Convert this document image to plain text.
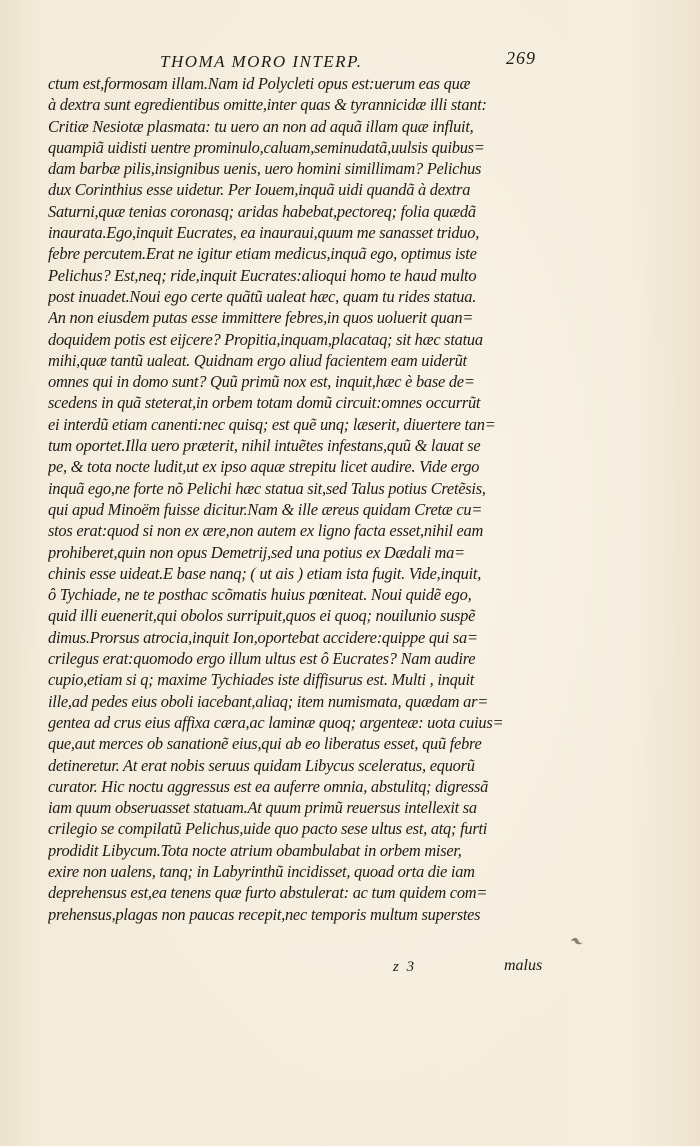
THOMA MORO INTERP.	269
ctum est,formosam illam.Nam id Polycleti opus est:uerum eas quæ
à dextra sunt egredientibus omitte,inter quas & tyrannicidæ illi stant:
Critiæ Nesiotæ plasmata: tu uero an non ad aquã illam quæ influit,
quampiã uidisti uentre prominulo,caluam,seminudatã,uulsis quibus=
dam barbæ pilis,insignibus uenis, uero homini simillimam? Pelichus
dux Corinthius esse uidetur. Per Iouem,inquã uidi quandã à dextra
Saturni,quæ tenias coronasq; aridas habebat,pectoreq; folia quædã
inaurata.Ego,inquit Eucrates, ea inauraui,quum me sanasset triduo,
febre percutem.Erat ne igitur etiam medicus,inquã ego, optimus iste
Pelichus? Est,neq; ride,inquit Eucrates:alioqui homo te haud multo
post inuadet.Noui ego certe quãtũ ualeat hæc, quam tu rides statua.
An non eiusdem putas esse immittere febres,in quos uoluerit quan=
doquidem potis est eijcere? Propitia,inquam,placataq; sit hæc statua
mihi,quæ tantũ ualeat. Quidnam ergo aliud facientem eam uiderũt
omnes qui in domo sunt? Quũ primũ nox est, inquit,hæc è base de=
scedens in quã steterat,in orbem totam domũ circuit:omnes occurrũt
ei interdũ etiam canenti:nec quisq; est quẽ unq; læserit, diuertere tan=
tum oportet.Illa uero præterit, nihil intuẽtes infestans,quũ & lauat se
pe, & tota nocte ludit,ut ex ipso aquæ strepitu licet audire. Vide ergo
inquã ego,ne forte nõ Pelichi hæc statua sit,sed Talus potius Cretẽsis,
qui apud Minoëm fuisse dicitur.Nam & ille æreus quidam Cretæ cu=
stos erat:quod si non ex ære,non autem ex ligno facta esset,nihil eam
prohiberet,quin non opus Demetrij,sed una potius ex Dædali ma=
chinis esse uideat.E base nanq; ( ut ais ) etiam ista fugit. Vide,inquit,
ô Tychiade, ne te posthac scõmatis huius pœniteat. Noui quidẽ ego,
quid illi euenerit,qui obolos surripuit,quos ei quoq; nouilunio suspẽ
dimus.Prorsus atrocia,inquit Ion,oportebat accidere:quippe qui sa=
crilegus erat:quomodo ergo illum ultus est ô Eucrates? Nam audire
cupio,etiam si q; maxime Tychiades iste diffisurus est. Multi , inquit
ille,ad pedes eius oboli iacebant,aliaq; item numismata, quædam ar=
gentea ad crus eius affixa cæra,ac laminæ quoq; argenteæ: uota cuius=
que,aut merces ob sanationẽ eius,qui ab eo liberatus esset, quũ febre
detineretur. At erat nobis seruus quidam Libycus sceleratus, equorũ
curator. Hic noctu aggressus est ea auferre omnia, abstulitq; digressã
iam quum obseruasset statuam.At quum primũ reuersus intellexit sa
crilegio se compilatũ Pelichus,uide quo pacto sese ultus est, atq; furti
prodidit Libycum.Tota nocte atrium obambulabat in orbem miser,
exire non ualens, tanq; in Labyrinthũ incidisset, quoad orta die iam
deprehensus est,ea tenens quæ furto abstulerat: ac tum quidem com=
prehensus,plagas non paucas recepit,nec temporis multum superstes
z 3	malus
